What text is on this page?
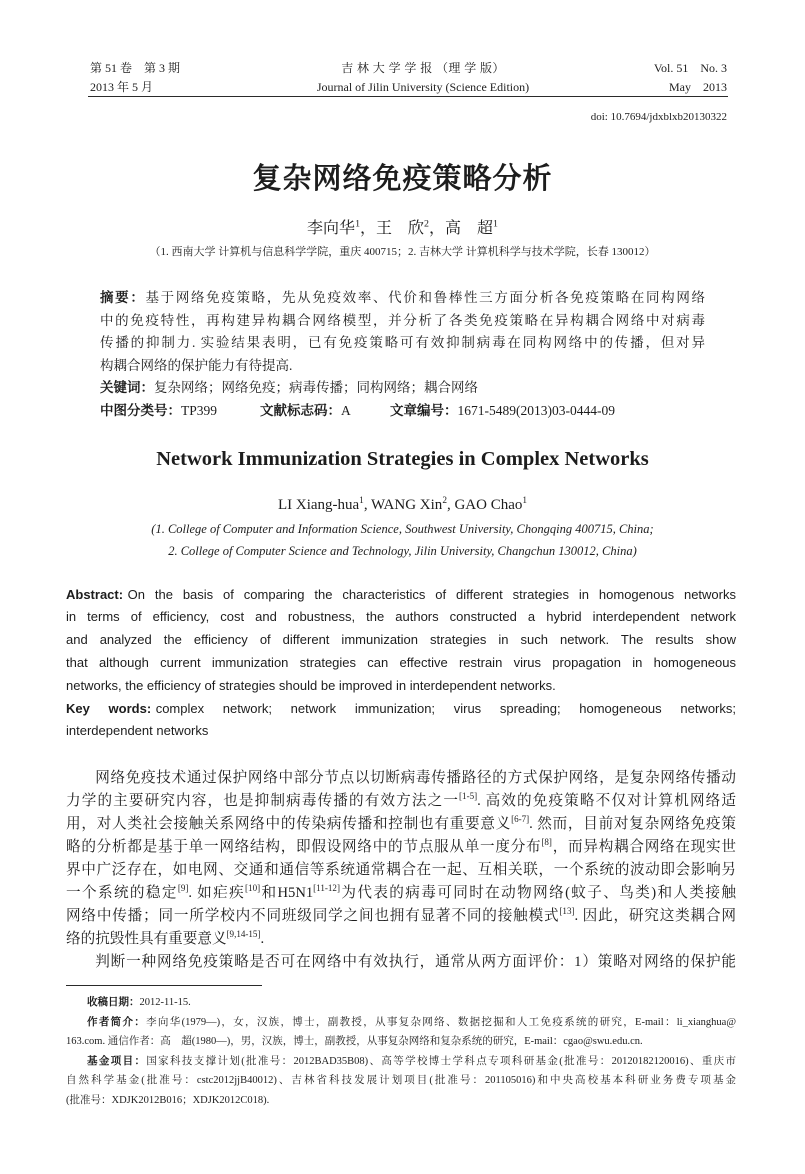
第 51 卷　第 3 期
2013 年 5 月
吉 林 大 学 学 报 （理 学 版）
Journal of Jilin University (Science Edition)
Vol. 51　No. 3
May　2013
doi: 10.7694/jdxblxb20130322
复杂网络免疫策略分析
李向华$^1$，王　欣$^2$，高　超$^1$
（1. 西南大学 计算机与信息科学学院，重庆 400715；2. 吉林大学 计算机科学与技术学院，长春 130012）
摘要：基于网络免疫策略，先从免疫效率、代价和鲁棒性三方面分析各免疫策略在同构网络
中的免疫特性，再构建异构耦合网络模型，并分析了各类免疫策略在异构耦合网络中对病毒
传播的抑制力. 实验结果表明，已有免疫策略可有效抑制病毒在同构网络中的传播，但对异
构耦合网络的保护能力有待提高.
关键词：复杂网络；网络免疫；病毒传播；同构网络；耦合网络
中图分类号：TP399	文献标志码：A	文章编号：1671-5489(2013)03-0444-09
Network Immunization Strategies in Complex Networks
LI Xiang-hua$^1$, WANG Xin$^2$, GAO Chao$^1$
(1. College of Computer and Information Science, Southwest University, Chongqing 400715, China;
2. College of Computer Science and Technology, Jilin University, Changchun 130012, China)
Abstract: On the basis of comparing the characteristics of different strategies in homogenous networks
in terms of efficiency, cost and robustness, the authors constructed a hybrid interdependent network
and analyzed the efficiency of different immunization strategies in such network. The results show
that although current immunization strategies can effective restrain virus propagation in homogeneous
networks, the efficiency of strategies should be improved in interdependent networks.
Key words: complex network; network immunization; virus spreading; homogeneous networks;
interdependent networks
网络免疫技术通过保护网络中部分节点以切断病毒传播路径的方式保护网络，是复杂网络传播动
力学的主要研究内容，也是抑制病毒传播的有效方法之一[1-5]. 高效的免疫策略不仅对计算机网络适
用，对人类社会接触关系网络中的传染病传播和控制也有重要意义[6-7]. 然而，目前对复杂网络免疫策
略的分析都是基于单一网络结构，即假设网络中的节点服从单一度分布[8]，而异构耦合网络在现实世
界中广泛存在，如电网、交通和通信等系统通常耦合在一起、互相关联，一个系统的波动即会影响另
一个系统的稳定[9]. 如疟疾[10]和H5N1[11-12]为代表的病毒可同时在动物网络(蚊子、鸟类)和人类接触
网络中传播；同一所学校内不同班级同学之间也拥有显著不同的接触模式[13]. 因此，研究这类耦合网
络的抗毁性具有重要意义[9,14-15].
判断一种网络免疫策略是否可在网络中有效执行，通常从两方面评价：1）策略对网络的保护能
收稿日期：2012-11-15.
作者简介：李向华(1979—)，女，汉族，博士，副教授，从事复杂网络、数据挖掘和人工免疫系统的研究，E-mail：li_xianghua@
163.com. 通信作者：高　超(1980—)，男，汉族，博士，副教授，从事复杂网络和复杂系统的研究，E-mail：cgao@swu.edu.cn.
基金项目：国家科技支撑计划(批准号：2012BAD35B08)、高等学校博士学科点专项科研基金(批准号：20120182120016)、重庆市
自然科学基金(批准号：cstc2012jjB40012)、吉林省科技发展计划项目(批准号：201105016)和中央高校基本科研业务费专项基金
(批准号：XDJK2012B016；XDJK2012C018).
